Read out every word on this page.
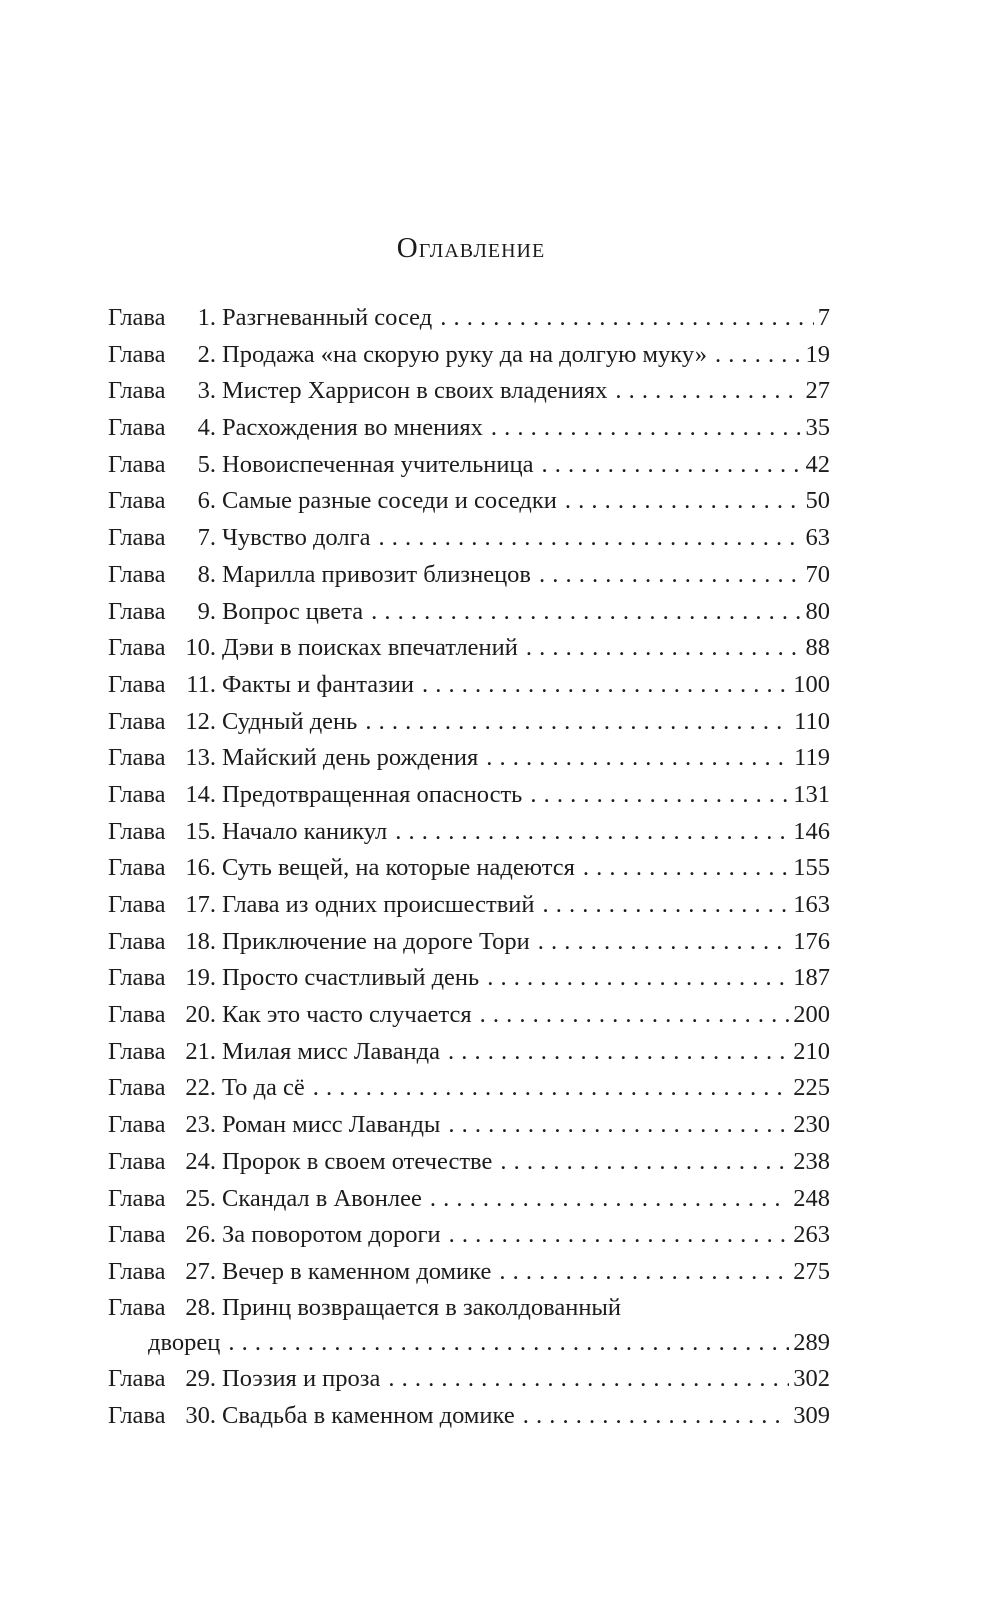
Оглавление
Глава	1. Разгневанный сосед . . .	7
Глава	2. Продажа «на скорую руку да на долгую муку» . . .	19
Глава	3. Мистер Харрисон в своих владениях . . .	27
Глава	4. Расхождения во мнениях . . .	35
Глава	5. Новоиспеченная учительница . . .	42
Глава	6. Самые разные соседи и соседки . . .	50
Глава	7. Чувство долга . . .	63
Глава	8. Марилла привозит близнецов . . .	70
Глава	9. Вопрос цвета . . .	80
Глава 10. Дэви в поисках впечатлений . . .	88
Глава 11. Факты и фантазии . . .	100
Глава 12. Судный день . . .	110
Глава 13. Майский день рождения . . .	119
Глава 14. Предотвращенная опасность . . .	131
Глава 15. Начало каникул . . .	146
Глава 16. Суть вещей, на которые надеются . . .	155
Глава 17. Глава из одних происшествий . . .	163
Глава 18. Приключение на дороге Тори . . .	176
Глава 19. Просто счастливый день . . .	187
Глава 20. Как это часто случается . . .	200
Глава 21. Милая мисс Лаванда . . .	210
Глава 22. То да сё . . .	225
Глава 23. Роман мисс Лаванды . . .	230
Глава 24. Пророк в своем отечестве . . .	238
Глава 25. Скандал в Авонлее . . .	248
Глава 26. За поворотом дороги . . .	263
Глава 27. Вечер в каменном домике . . .	275
Глава 28. Принц возвращается в заколдованный
дворец . . .	289
Глава 29. Поэзия и проза . . .	302
Глава 30. Свадьба в каменном домике . . .	309
